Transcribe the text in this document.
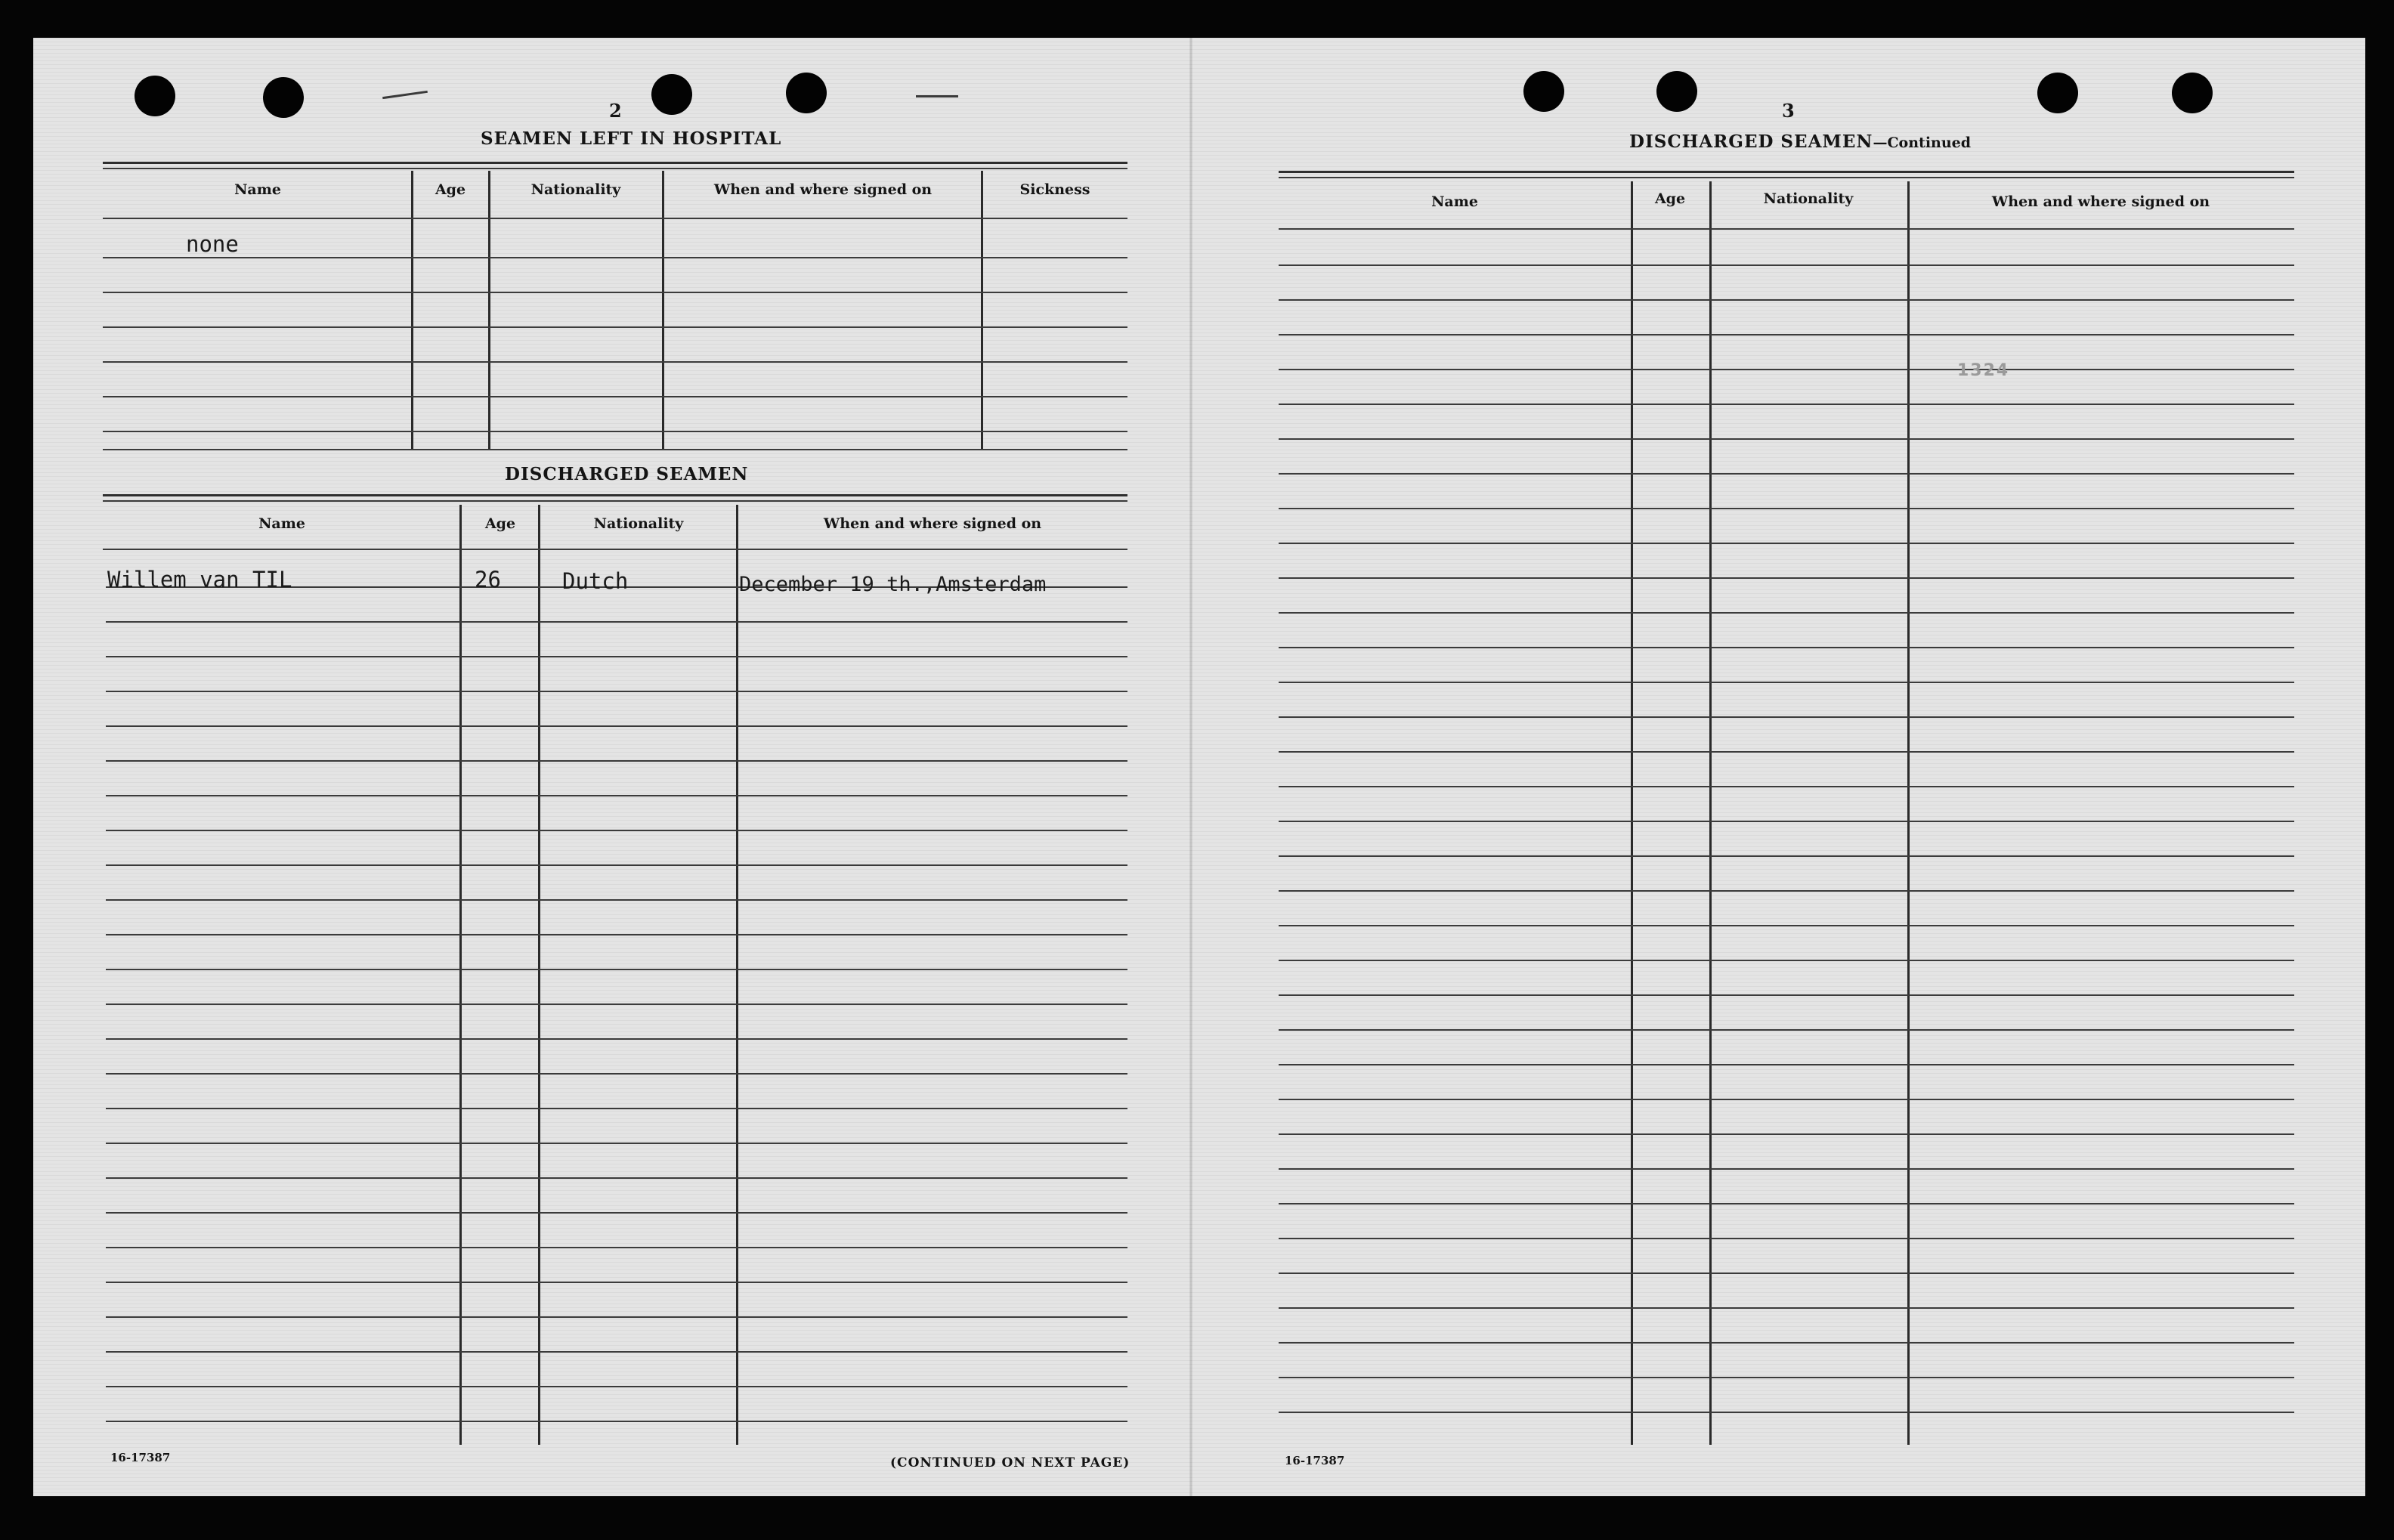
2
SEAMEN LEFT IN HOSPITAL
Name	Age	Nationality	When and where signed on	Sickness
none
DISCHARGED SEAMEN
Name	Age	Nationality	When and where signed on
Willem van TIL	26	Dutch	December 19 th.,Amsterdam
16-17387	(CONTINUED ON NEXT PAGE)
3
DISCHARGED SEAMEN—Continued
Name	Age	Nationality	When and where signed on
1324
16-17387
